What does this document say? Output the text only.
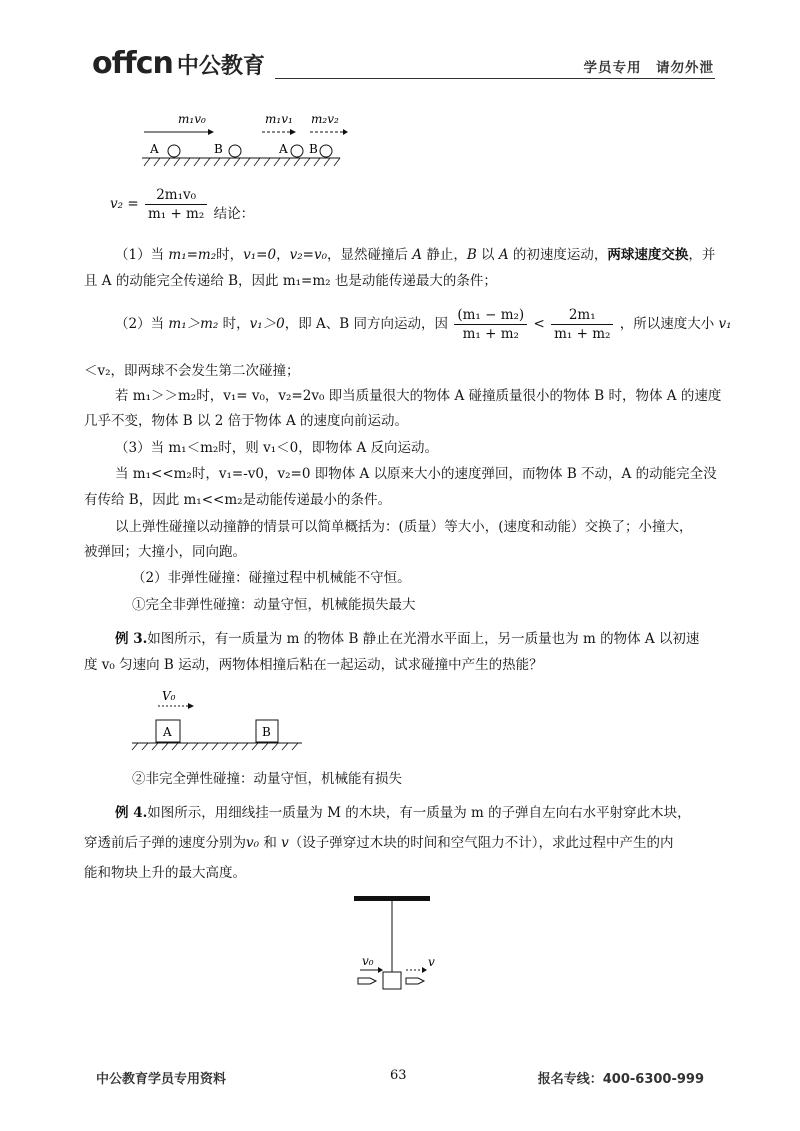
offcn 中公教育	学员专用　请勿外泄
m₁v₀	m₁v₁ m₂v₂
A	B	A B
$v_2 = \frac{\text{2m₁v₀}}{\text{m₁ + m₂}}$ 结论：
（1）当 m₁=m₂时，v₁=0，v₂=v₀，显然碰撞后 A 静止，B 以 A 的初速度运动，两球速度交换，并
且 A 的动能完全传递给 B，因此 m₁=m₂ 也是动能传递最大的条件；
（2）当 m₁＞m₂ 时，v₁＞0，即 A、B 同方向运动，因 $\frac{\text{(m₁ − m₂)}}{\text{m₁ + m₂}} < \frac{\text{2m₁}}{\text{m₁ + m₂}}$ ，所以速度大小 v₁
＜v₂，即两球不会发生第二次碰撞；
若 m₁＞＞m₂时，v₁= v₀，v₂=2v₀ 即当质量很大的物体 A 碰撞质量很小的物体 B 时，物体 A 的速度
几乎不变，物体 B 以 2 倍于物体 A 的速度向前运动。
（3）当 m₁＜m₂时，则 v₁＜0，即物体 A 反向运动。
当 m₁<<m₂时，v₁=-v0，v₂=0 即物体 A 以原来大小的速度弹回，而物体 B 不动，A 的动能完全没
有传给 B，因此 m₁<<m₂是动能传递最小的条件。
以上弹性碰撞以动撞静的情景可以简单概括为：(质量）等大小，(速度和动能）交换了；小撞大，
被弹回；大撞小，同向跑。
（2）非弹性碰撞：碰撞过程中机械能不守恒。
①完全非弹性碰撞：动量守恒，机械能损失最大
例 3.如图所示，有一质量为 m 的物体 B 静止在光滑水平面上，另一质量也为 m 的物体 A 以初速
度 v₀ 匀速向 B 运动，两物体相撞后粘在一起运动，试求碰撞中产生的热能？
V₀
A	B
②非完全弹性碰撞：动量守恒，机械能有损失
例 4.如图所示，用细线挂一质量为 M 的木块，有一质量为 m 的子弹自左向右水平射穿此木块，
穿透前后子弹的速度分别为v₀ 和 v（设子弹穿过木块的时间和空气阻力不计），求此过程中产生的内
能和物块上升的最大高度。
v₀	v
中公教育学员专用资料	63	报名专线：400-6300-999
